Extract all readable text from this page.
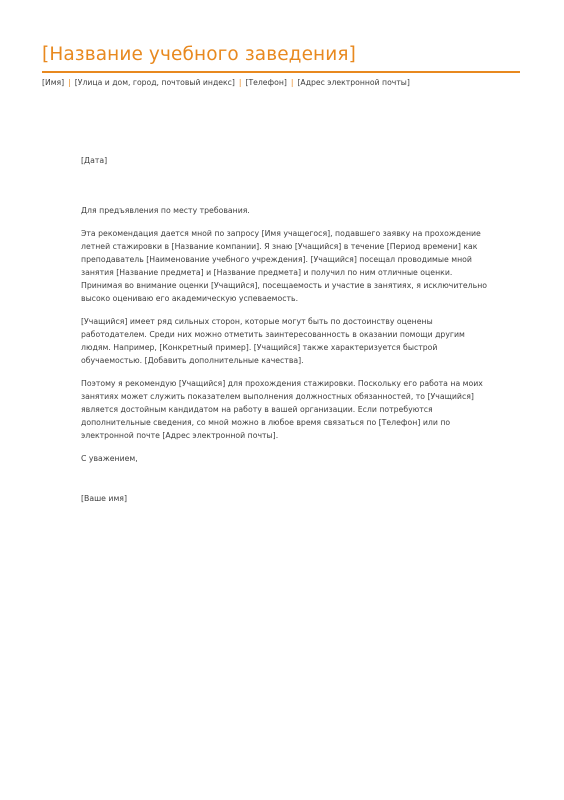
[Название учебного заведения]
[Имя] | [Улица и дом, город, почтовый индекс] | [Телефон] | [Адрес электронной почты]

[Дата]

Для предъявления по месту требования.

Эта рекомендация дается мной по запросу [Имя учащегося], подавшего заявку на прохождение летней стажировки в [Название компании]. Я знаю [Учащийся] в течение [Период времени] как преподаватель [Наименование учебного учреждения]. [Учащийся] посещал проводимые мной занятия [Название предмета] и [Название предмета] и получил по ним отличные оценки. Принимая во внимание оценки [Учащийся], посещаемость и участие в занятиях, я исключительно высоко оцениваю его академическую успеваемость.

[Учащийся] имеет ряд сильных сторон, которые могут быть по достоинству оценены работодателем. Среди них можно отметить заинтересованность в оказании помощи другим людям. Например, [Конкретный пример]. [Учащийся] также характеризуется быстрой обучаемостью. [Добавить дополнительные качества].

Поэтому я рекомендую [Учащийся] для прохождения стажировки. Поскольку его работа на моих занятиях может служить показателем выполнения должностных обязанностей, то [Учащийся] является достойным кандидатом на работу в вашей организации. Если потребуются дополнительные сведения, со мной можно в любое время связаться по [Телефон] или по электронной почте [Адрес электронной почты].

С уважением,

[Ваше имя]
